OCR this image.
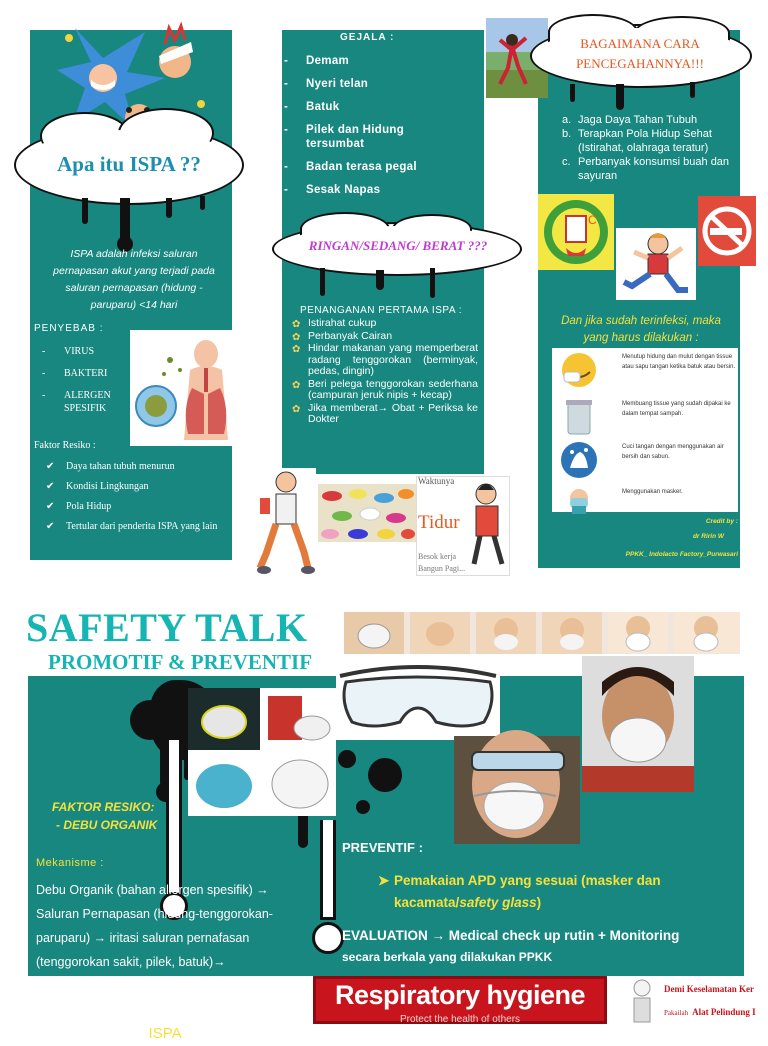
Apa itu ISPA ??
ISPA adalah infeksi saluran pernapasan akut yang terjadi pada saluran pernapasan (hidung -paruparu) <14 hari
PENYEBAB :
- VIRUS
- BAKTERI
- ALERGEN SPESIFIK
Faktor Resiko :
✔ Daya tahan tubuh menurun
✔ Kondisi Lingkungan
✔ Pola Hidup
✔ Tertular dari penderita ISPA yang lain
GEJALA :
- Demam
- Nyeri telan
- Batuk
- Pilek dan Hidung tersumbat
- Badan terasa pegal
- Sesak Napas
RINGAN/SEDANG/ BERAT ???
PENANGANAN PERTAMA ISPA :
✿ Istirahat cukup
✿ Perbanyak Cairan
✿ Hindar makanan yang memperberat radang tenggorokan (berminyak, pedas, dingin)
✿ Beri pelega tenggorokan sederhana (campuran jeruk nipis + kecap)
✿ Jika memberat→ Obat + Periksa ke Dokter
Waktunya
Tidur
Besok kerja
Bangun Pagi...
BAGAIMANA CARA PENCEGAHANNYA!!!
a. Jaga Daya Tahan Tubuh
b. Terapkan Pola Hidup Sehat (Istirahat, olahraga teratur)
c. Perbanyak konsumsi buah dan sayuran
C
Dan jika sudah terinfeksi, maka yang harus dilakukan :
Menutup hidung dan mulut dengan tissue atau sapu tangan ketika batuk atau bersin.
Membuang tissue yang sudah dipakai ke dalam tempat sampah.
Cuci tangan dengan menggunakan air bersih dan sabun.
Menggunakan masker.
Credit by :
dr Ririn W
PPKK_ Indolacto Factory_Purwasari
SAFETY TALK
PROMOTIF & PREVENTIF
FAKTOR RESIKO:
- DEBU ORGANIK
Mekanisme :
Debu Organik (bahan allergen spesifik) → Saluran Pernapasan (hidung-tenggorokan-paruparu) → iritasi saluran pernafasan (tenggorokan sakit, pilek, batuk)→ penumpukan debu organic→ penebalan saluran mukosa (mudah terinfeksi mikroorganisme) → ISPA
PREVENTIF :
➤ Pemakaian APD yang sesuai (masker dan kacamata/safety glass)
EVALUATION → Medical check up rutin + Monitoring
secara berkala yang dilakukan PPKK
Respiratory hygiene
Protect the health of others
Demi Keselamatan Ker
Pakailah Alat Pelindung I
